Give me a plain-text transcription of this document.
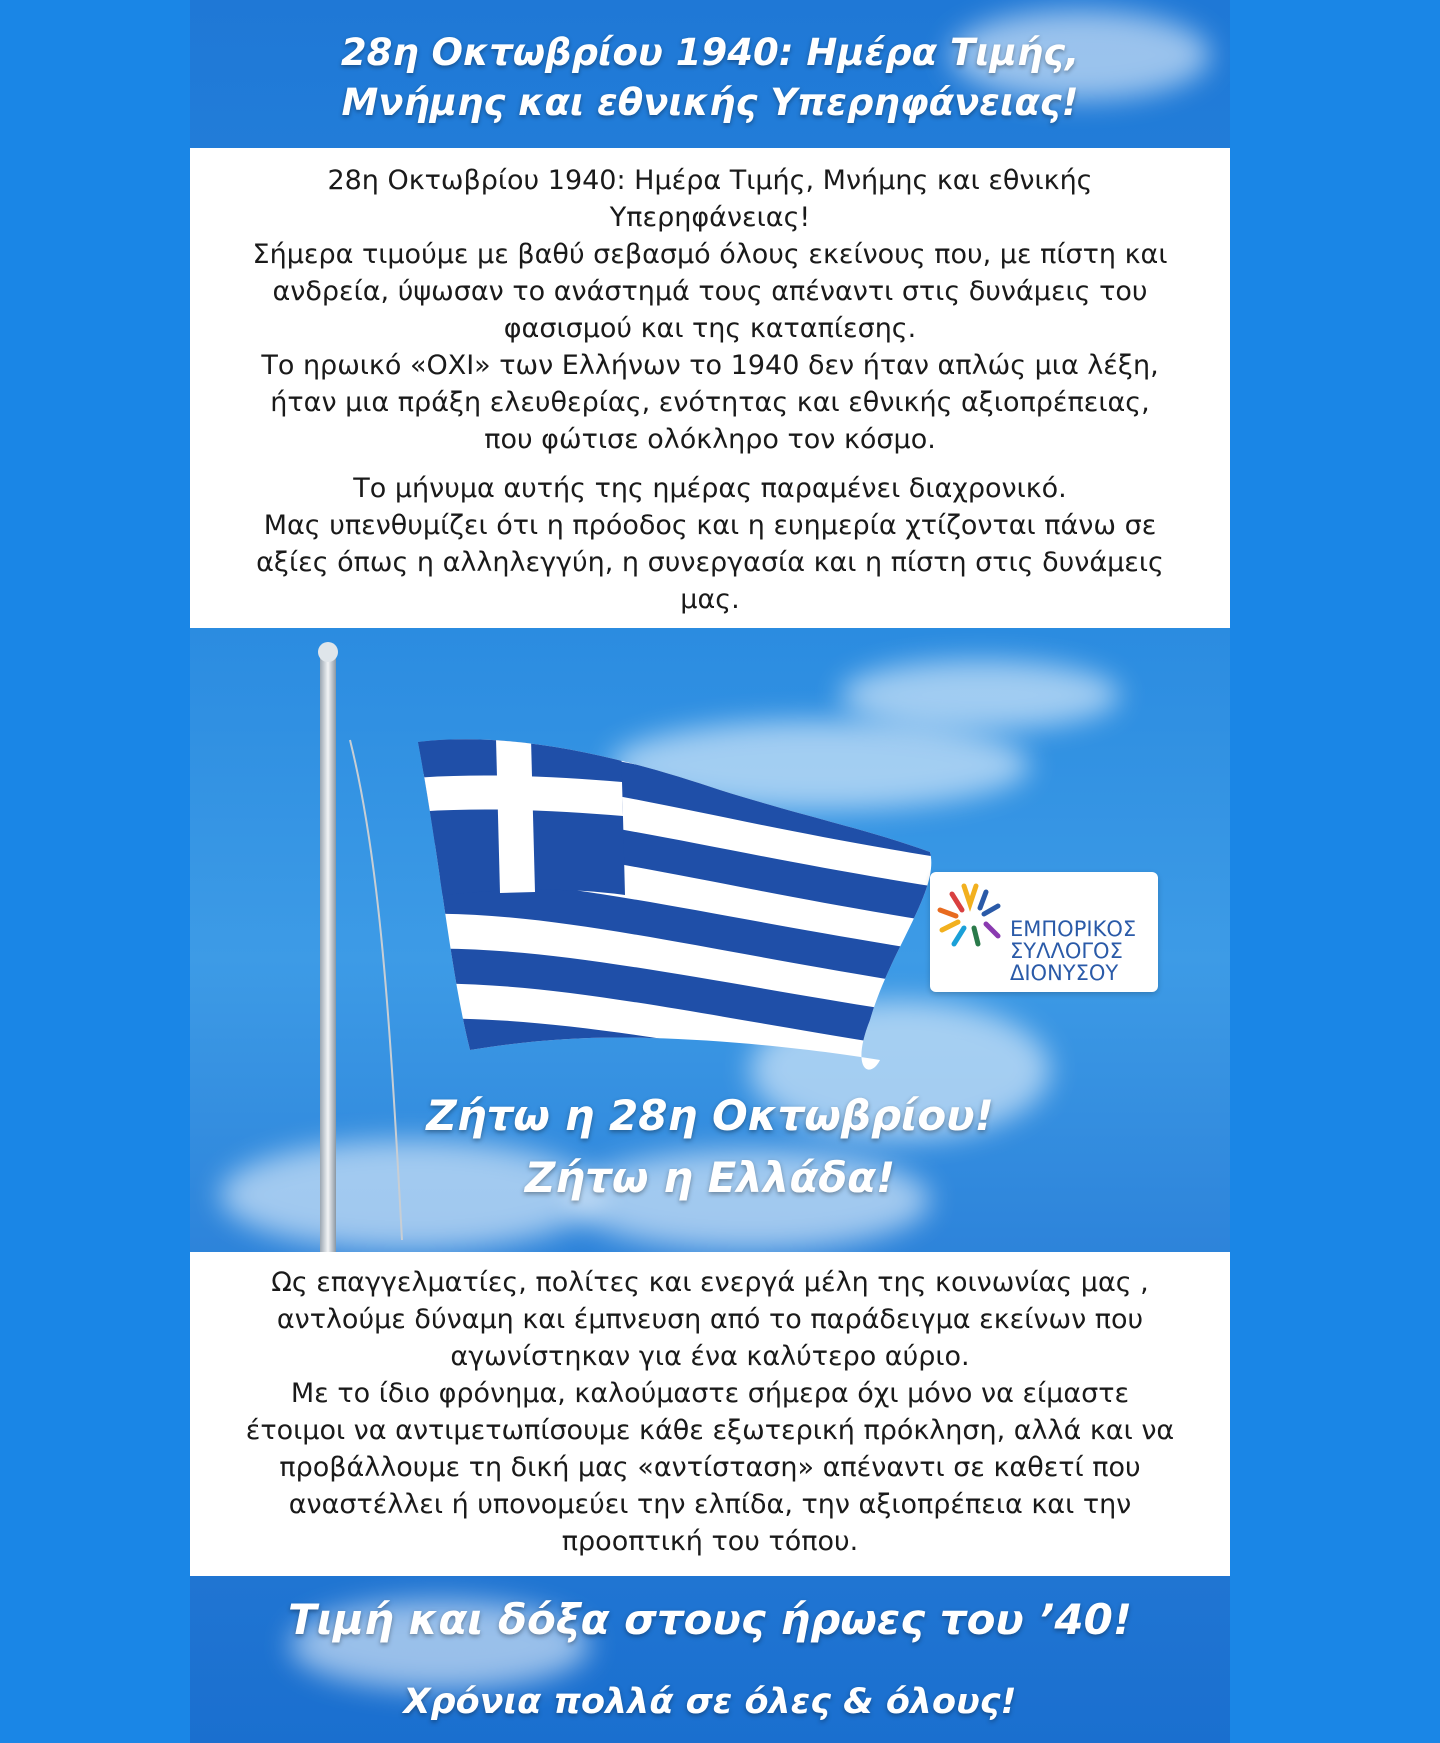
28η Οκτωβρίου 1940: Ημέρα Τιμής,
Μνήμης και εθνικής Υπερηφάνειας!
28η Οκτωβρίου 1940: Ημέρα Τιμής, Μνήμης και εθνικής
Υπερηφάνειας!
Σήμερα τιμούμε με βαθύ σεβασμό όλους εκείνους που, με πίστη και
ανδρεία, ύψωσαν το ανάστημά τους απέναντι στις δυνάμεις του
φασισμού και της καταπίεσης.
Το ηρωικό «ΟΧΙ» των Ελλήνων το 1940 δεν ήταν απλώς μια λέξη,
ήταν μια πράξη ελευθερίας, ενότητας και εθνικής αξιοπρέπειας,
που φώτισε ολόκληρο τον κόσμο.
Το μήνυμα αυτής της ημέρας παραμένει διαχρονικό.
Μας υπενθυμίζει ότι η πρόοδος και η ευημερία χτίζονται πάνω σε
αξίες όπως η αλληλεγγύη, η συνεργασία και η πίστη στις δυνάμεις
μας.
ΕΜΠΟΡΙΚΟΣ
ΣΥΛΛΟΓΟΣ
ΔΙΟΝΥΣΟΥ
Ζήτω η 28η Οκτωβρίου!
Ζήτω η Ελλάδα!
Ως επαγγελματίες, πολίτες και ενεργά μέλη της κοινωνίας μας ,
αντλούμε δύναμη και έμπνευση από το παράδειγμα εκείνων που
αγωνίστηκαν για ένα καλύτερο αύριο.
Με το ίδιο φρόνημα, καλούμαστε σήμερα όχι μόνο να είμαστε
έτοιμοι να αντιμετωπίσουμε κάθε εξωτερική πρόκληση, αλλά και να
προβάλλουμε τη δική μας «αντίσταση» απέναντι σε καθετί που
αναστέλλει ή υπονομεύει την ελπίδα, την αξιοπρέπεια και την
προοπτική του τόπου.
Τιμή και δόξα στους ήρωες του ’40!
Χρόνια πολλά σε όλες & όλους!
